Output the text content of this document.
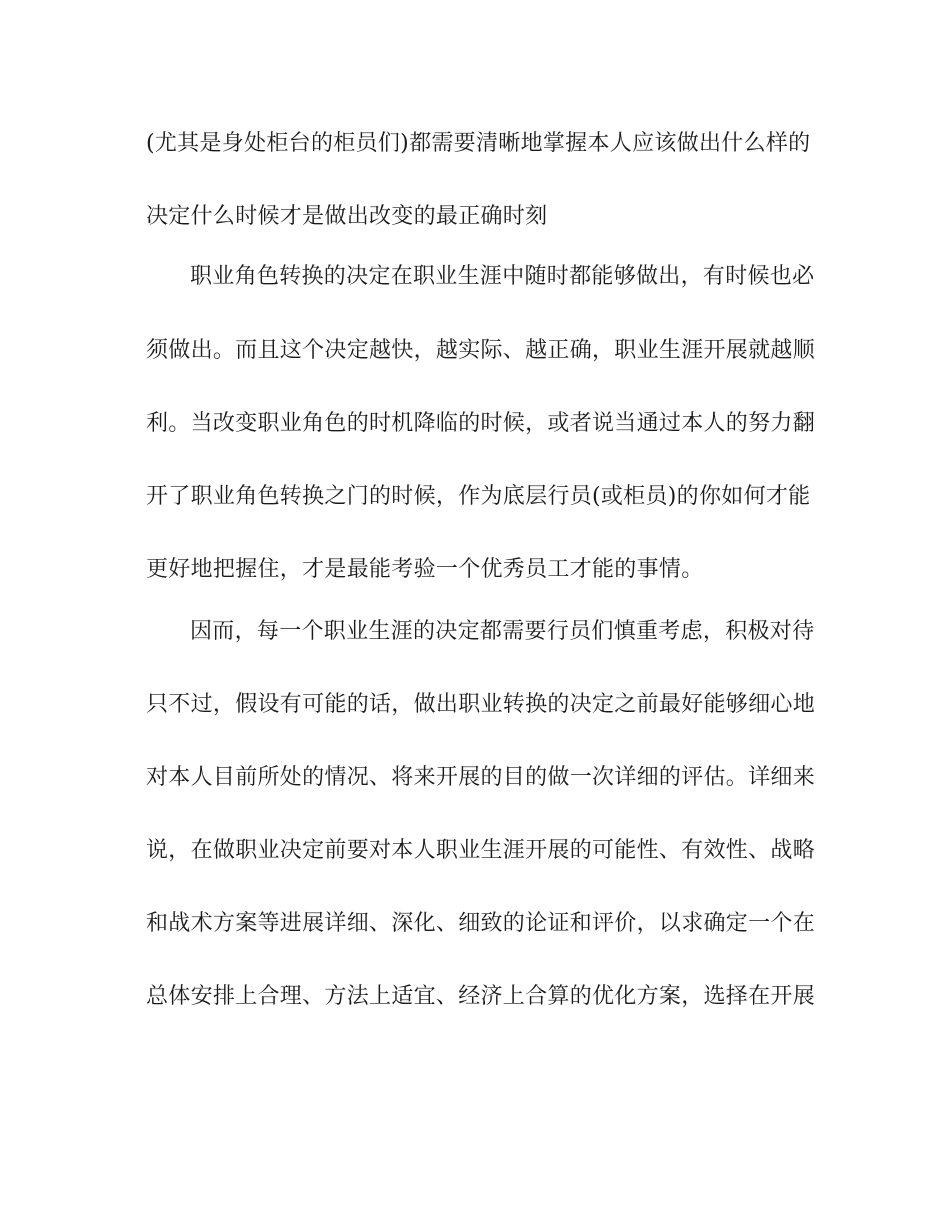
(尤其是身处柜台的柜员们)都需要清晰地掌握本人应该做出什么样的
决定什么时候才是做出改变的最正确时刻
职业角色转换的决定在职业生涯中随时都能够做出，有时候也必
须做出。而且这个决定越快，越实际、越正确，职业生涯开展就越顺
利。当改变职业角色的时机降临的时候，或者说当通过本人的努力翻
开了职业角色转换之门的时候，作为底层行员(或柜员)的你如何才能
更好地把握住，才是最能考验一个优秀员工才能的事情。
因而，每一个职业生涯的决定都需要行员们慎重考虑，积极对待
只不过，假设有可能的话，做出职业转换的决定之前最好能够细心地
对本人目前所处的情况、将来开展的目的做一次详细的评估。详细来
说，在做职业决定前要对本人职业生涯开展的可能性、有效性、战略
和战术方案等进展详细、深化、细致的论证和评价，以求确定一个在
总体安排上合理、方法上适宜、经济上合算的优化方案，选择在开展
